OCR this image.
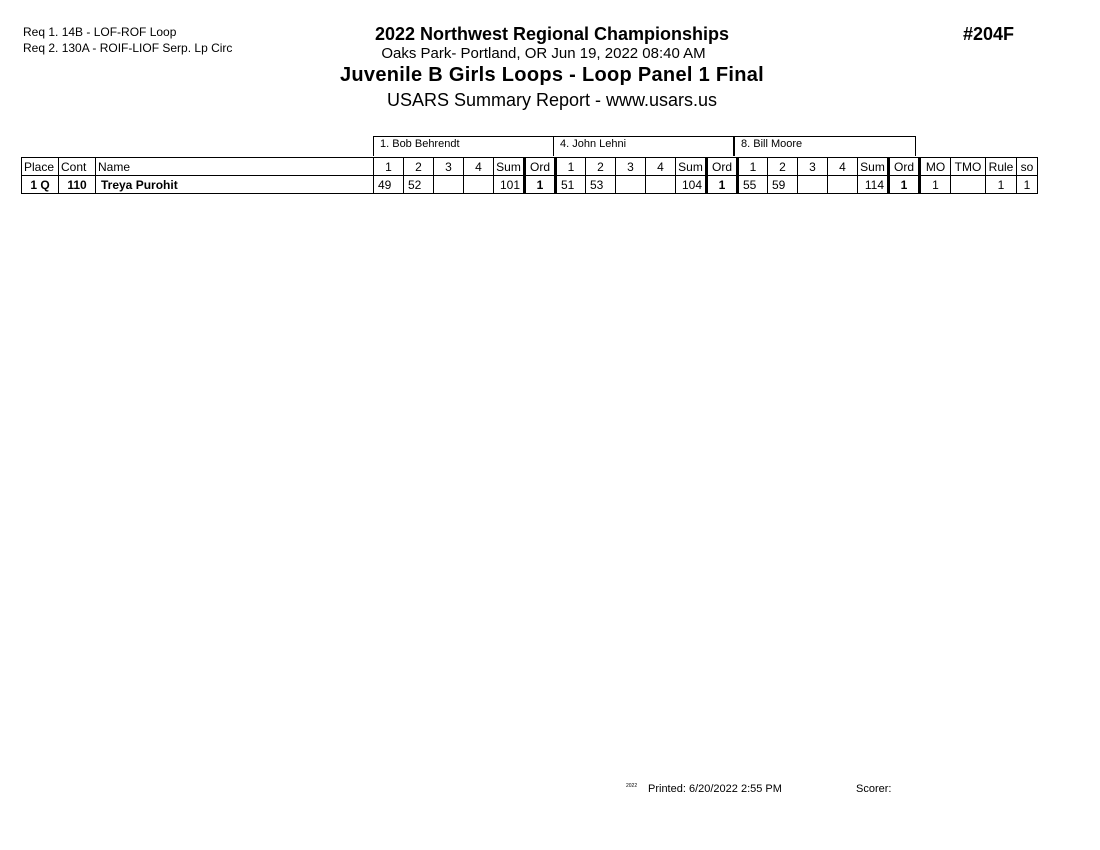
Req 1. 14B - LOF-ROF Loop
Req 2. 130A - ROIF-LIOF Serp. Lp Circ
2022 Northwest Regional Championships
Oaks Park- Portland, OR Jun 19, 2022 08:40 AM
Juvenile B Girls Loops - Loop Panel 1 Final
USARS Summary Report - www.usars.us
#204F
1. Bob Behrendt	4. John Lehni	8. Bill Moore
Place	Cont	Name	1	2	3	4	Sum	Ord	1	2	3	4	Sum	Ord	1	2	3	4	Sum	Ord	MO	TMO	Rule	so
1 Q	110	Treya Purohit	49	52			101	1	51	53			104	1	55	59			114	1	1		1	1
2022 Printed: 6/20/2022 2:55 PM	Scorer:
